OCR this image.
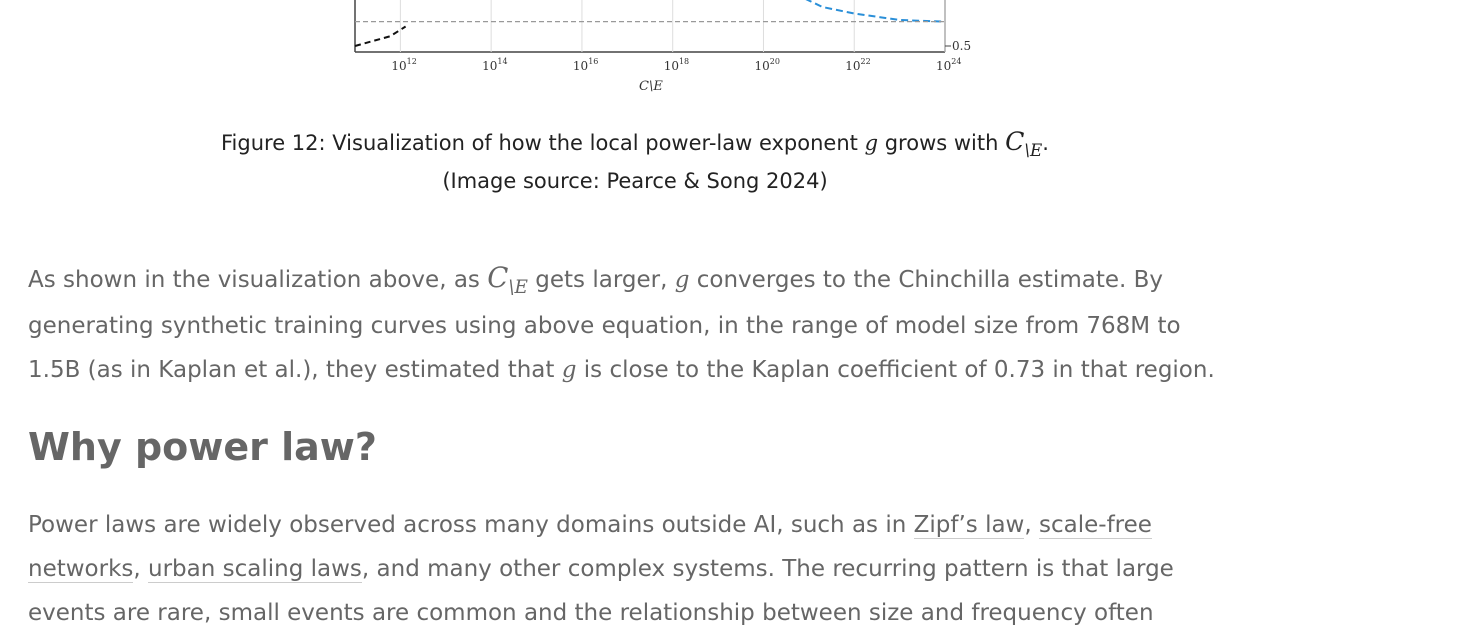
$10^{12}$	$10^{14}$	$10^{16}$	$10^{18}$	$10^{20}$	$10^{22}$	$10^{24}$
0.5
C\E
Figure 12: Visualization of how the local power-law exponent g grows with $C_{\backslash E}$.
(Image source: Pearce & Song 2024)
As shown in the visualization above, as $C_{\backslash E}$ gets larger, g converges to the Chinchilla estimate. By
generating synthetic training curves using above equation, in the range of model size from 768M to
1.5B (as in Kaplan et al.), they estimated that g is close to the Kaplan coefficient of 0.73 in that region.
Why power law?
Power laws are widely observed across many domains outside AI, such as in Zipf’s law, scale-free
networks, urban scaling laws, and many other complex systems. The recurring pattern is that large
events are rare, small events are common and the relationship between size and frequency often
